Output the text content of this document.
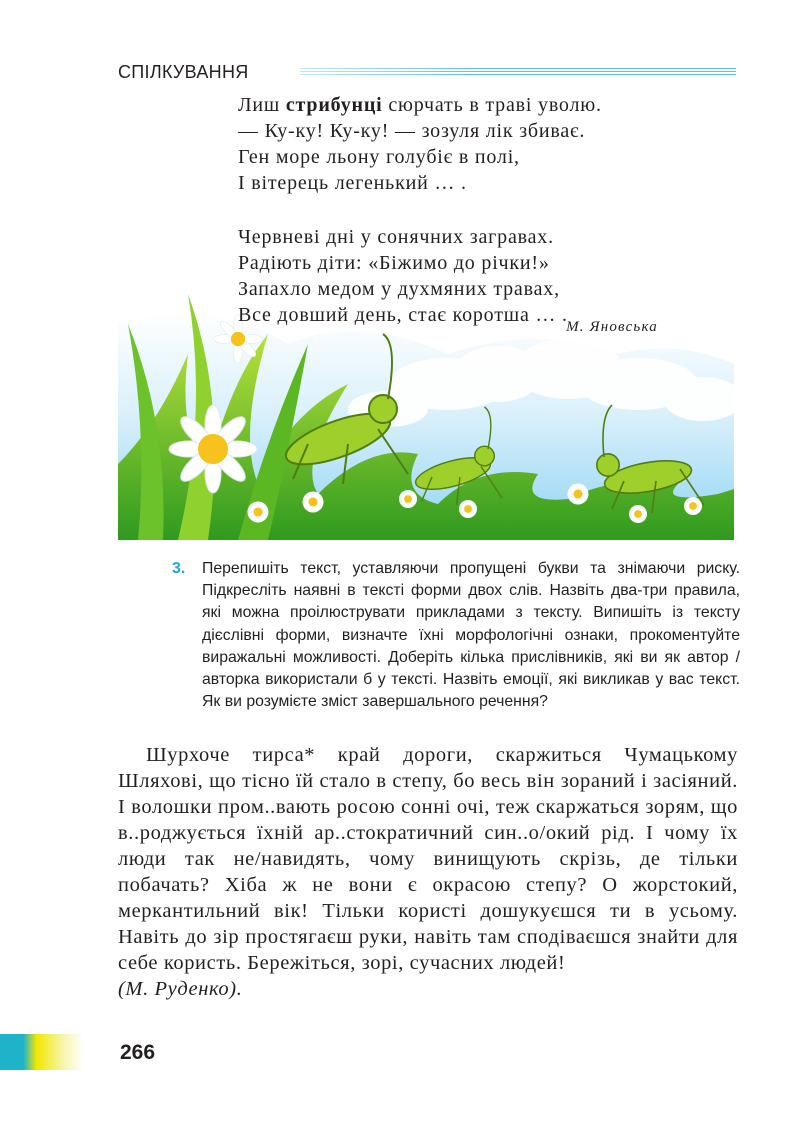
СПІЛКУВАННЯ
Лиш стрибунці сюрчать в траві уволю.
— Ку-ку! Ку-ку! — зозуля лік збиває.
Ген море льону голубіє в полі,
І вітерець легенький … .
Червневі дні у сонячних загравах.
Радіють діти: «Біжимо до річки!»
Запахло медом у духмяних травах,
Все довший день, стає коротша … .
М. Яновська
3. Перепишіть текст, уставляючи пропущені букви та знімаючи риску. Підкресліть наявні в тексті форми двох слів. Назвіть два-три правила, які можна проілюструвати прикладами з тексту. Випишіть із тексту дієслівні форми, визначте їхні морфологічні ознаки, прокоментуйте виражальні можливості. Доберіть кілька прислівників, які ви як автор / авторка використали б у тексті. Назвіть емоції, які викликав у вас текст. Як ви розумієте зміст завершального речення?

Шурхоче тирса* край дороги, скаржиться Чумацькому Шляхові, що тісно їй стало в степу, бо весь він зораний і засіяний. І волошки пром..вають росою сонні очі, теж скаржаться зорям, що в..роджується їхній ар..стократичний син..о/окий рід. І чому їх люди так не/навидять, чому винищують скрізь, де тільки побачать? Хіба ж не вони є окрасою степу? О жорстокий, меркантильний вік! Тільки користі дошукуєшся ти в усьому. Навіть до зір простягаєш руки, навіть там сподіваєшся знайти для себе користь. Бережіться, зорі, сучасних людей!
(М. Руденко).

266
